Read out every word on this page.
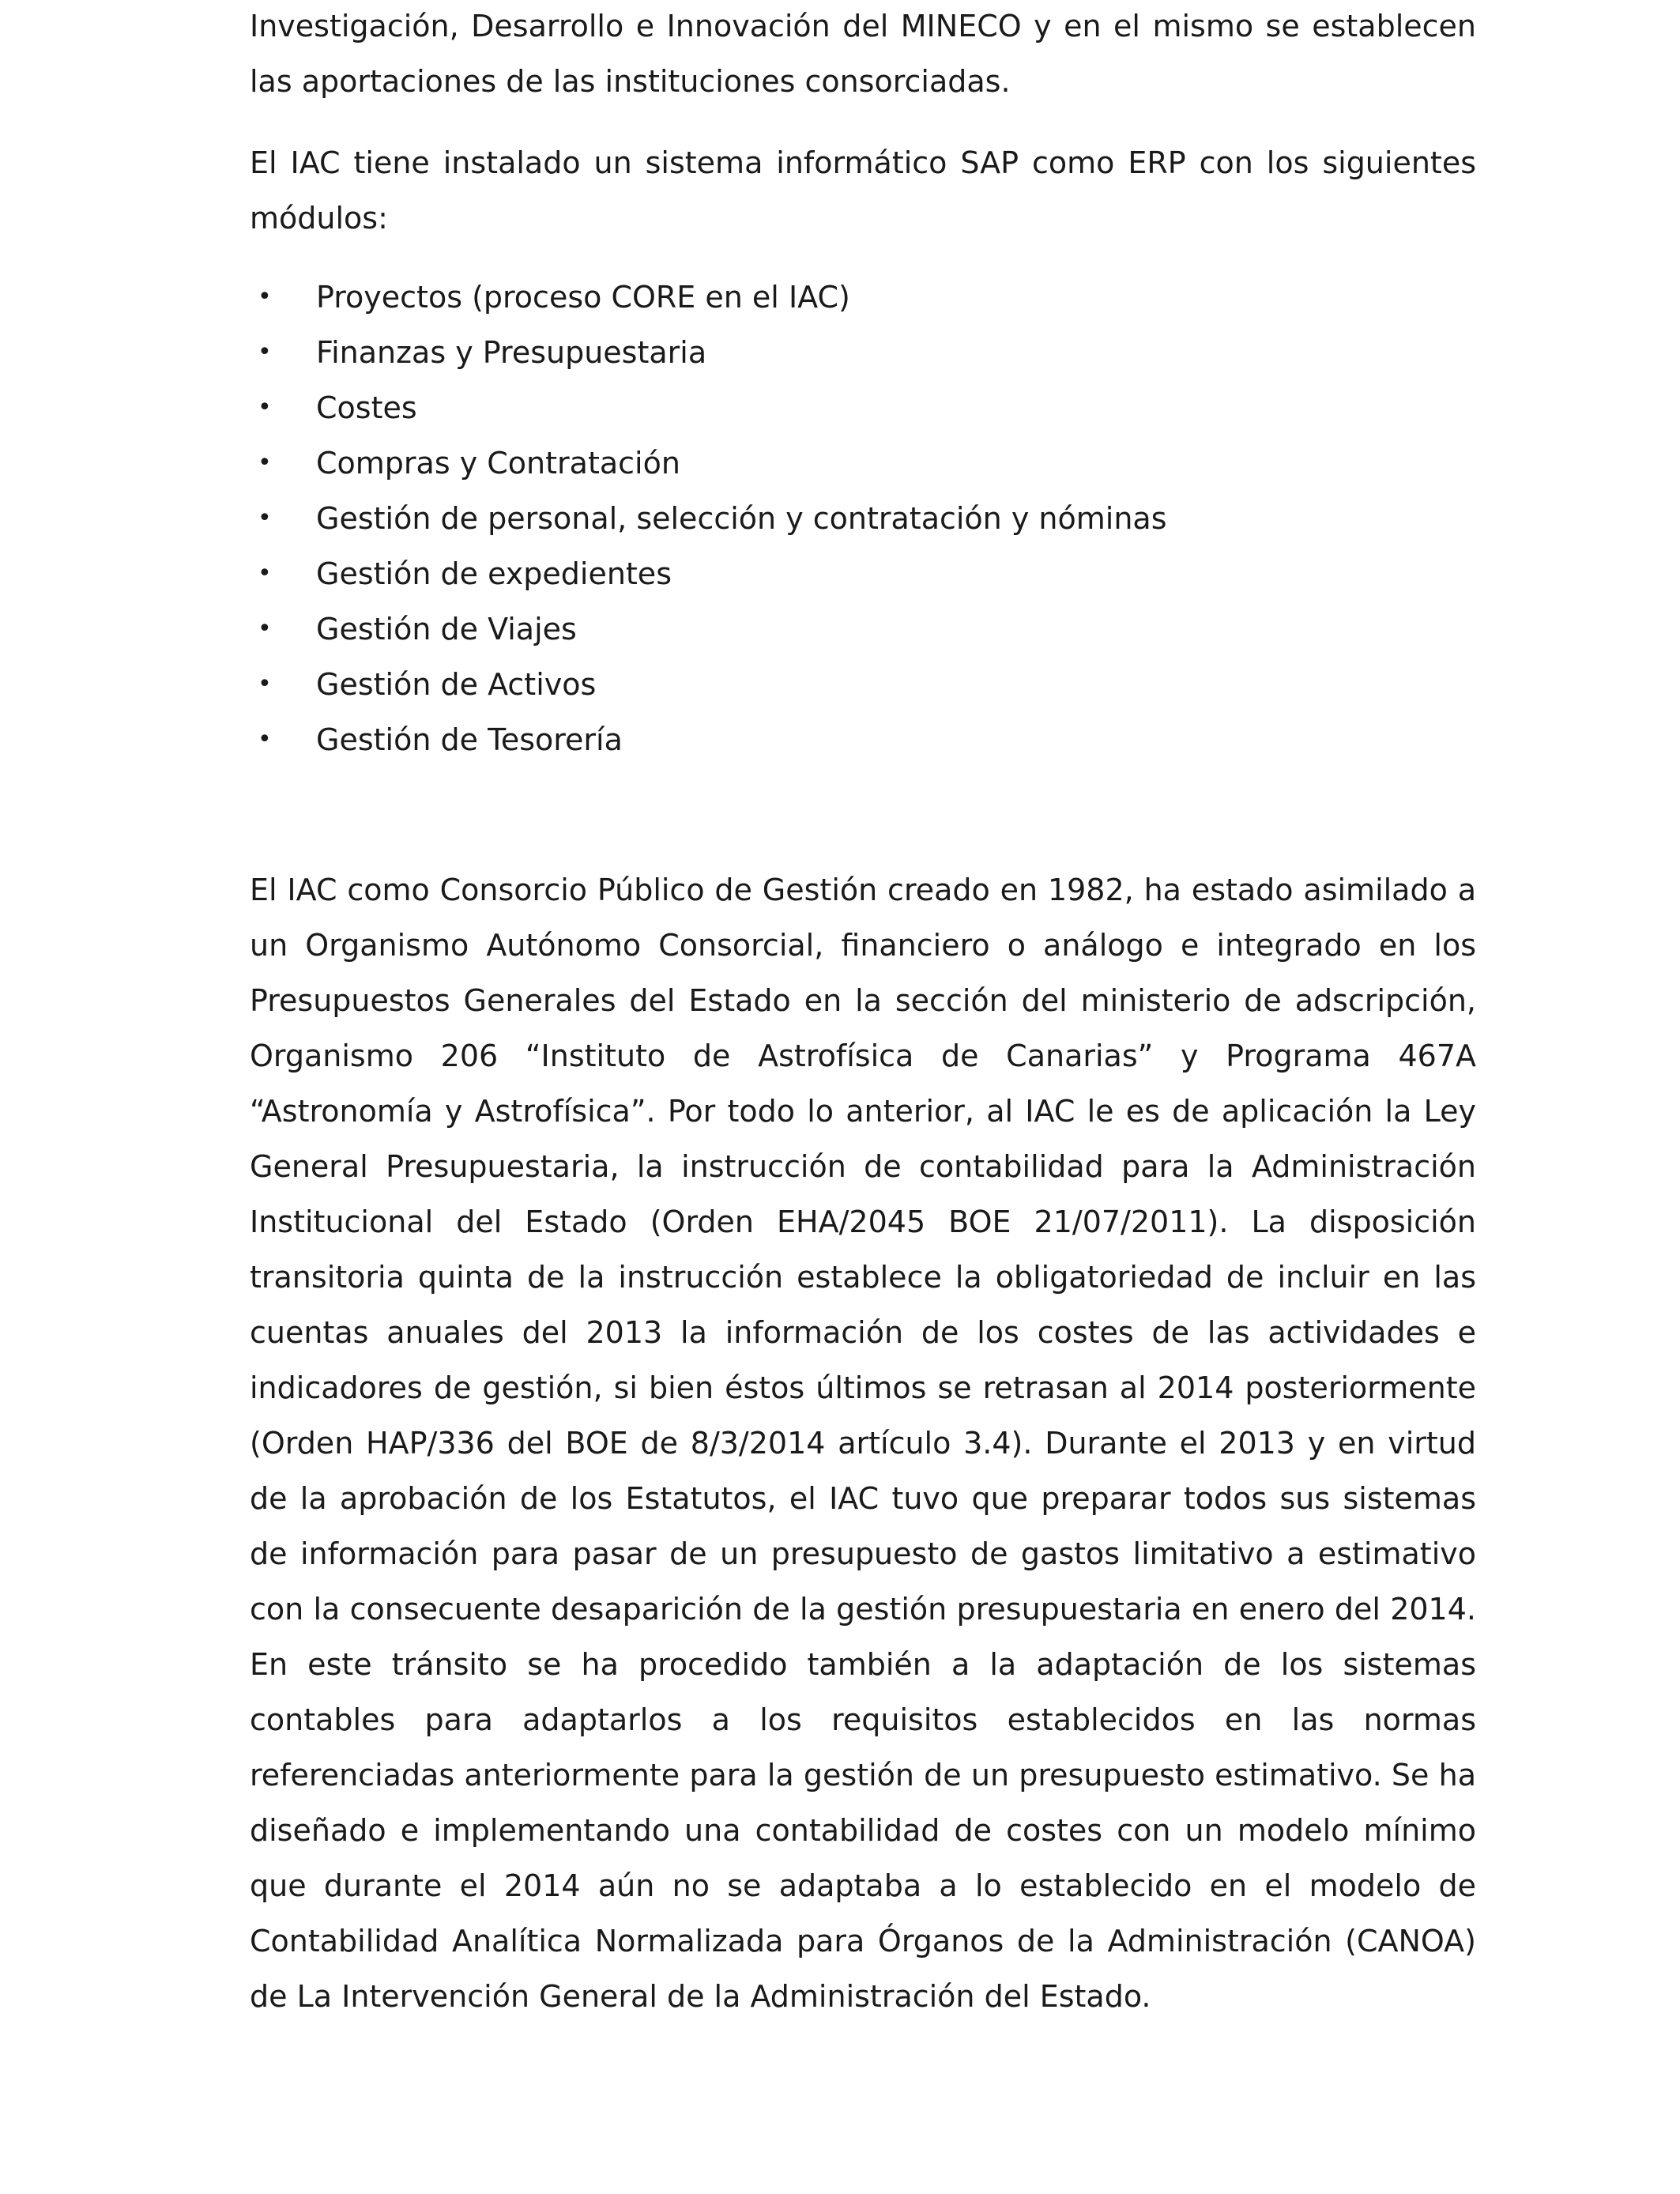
Investigación, Desarrollo e Innovación del MINECO y en el mismo se establecen las aportaciones de las instituciones consorciadas.

El IAC tiene instalado un sistema informático SAP como ERP con los siguientes módulos:

• Proyectos (proceso CORE en el IAC)
• Finanzas y Presupuestaria
• Costes
• Compras y Contratación
• Gestión de personal, selección y contratación y nóminas
• Gestión de expedientes
• Gestión de Viajes
• Gestión de Activos
• Gestión de Tesorería

El IAC como Consorcio Público de Gestión creado en 1982, ha estado asimilado a un Organismo Autónomo Consorcial, financiero o análogo e integrado en los Presupuestos Generales del Estado en la sección del ministerio de adscripción, Organismo 206 “Instituto de Astrofísica de Canarias” y Programa 467A “Astronomía y Astrofísica”. Por todo lo anterior, al IAC le es de aplicación la Ley General Presupuestaria, la instrucción de contabilidad para la Administración Institucional del Estado (Orden EHA/2045 BOE 21/07/2011). La disposición transitoria quinta de la instrucción establece la obligatoriedad de incluir en las cuentas anuales del 2013 la información de los costes de las actividades e indicadores de gestión, si bien éstos últimos se retrasan al 2014 posteriormente (Orden HAP/336 del BOE de 8/3/2014 artículo 3.4). Durante el 2013 y en virtud de la aprobación de los Estatutos, el IAC tuvo que preparar todos sus sistemas de información para pasar de un presupuesto de gastos limitativo a estimativo con la consecuente desaparición de la gestión presupuestaria en enero del 2014. En este tránsito se ha procedido también a la adaptación de los sistemas contables para adaptarlos a los requisitos establecidos en las normas referenciadas anteriormente para la gestión de un presupuesto estimativo. Se ha diseñado e implementando una contabilidad de costes con un modelo mínimo que durante el 2014 aún no se adaptaba a lo establecido en el modelo de Contabilidad Analítica Normalizada para Órganos de la Administración (CANOA) de La Intervención General de la Administración del Estado.
